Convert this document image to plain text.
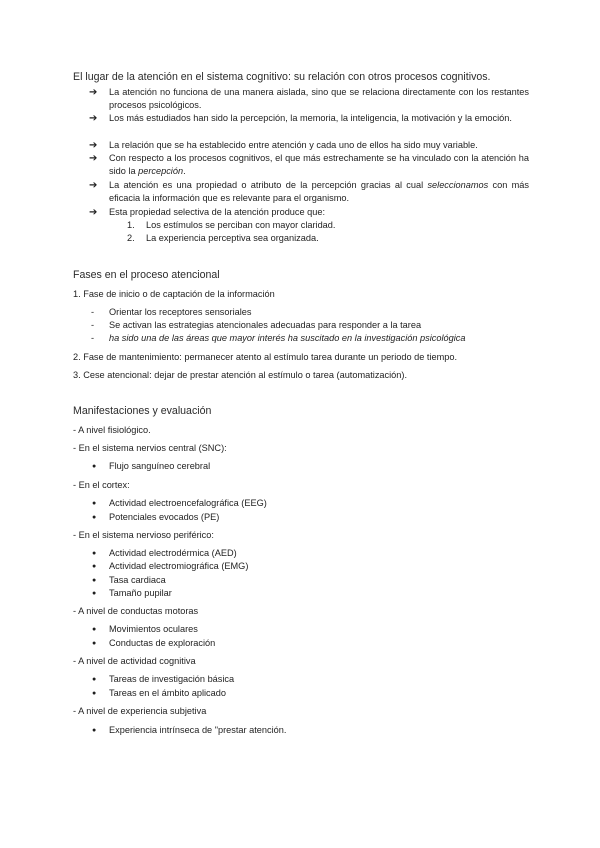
El lugar de la atención en el sistema cognitivo: su relación con otros procesos cognitivos.
➔ La atención no funciona de una manera aislada, sino que se relaciona directamente con los restantes procesos psicológicos.
➔ Los más estudiados han sido la percepción, la memoria, la inteligencia, la motivación y la emoción.
➔ La relación que se ha establecido entre atención y cada uno de ellos ha sido muy variable.
➔ Con respecto a los procesos cognitivos, el que más estrechamente se ha vinculado con la atención ha sido la percepción.
➔ La atención es una propiedad o atributo de la percepción gracias al cual seleccionamos con más eficacia la información que es relevante para el organismo.
➔ Esta propiedad selectiva de la atención produce que:
1. Los estímulos se perciban con mayor claridad.
2. La experiencia perceptiva sea organizada.
Fases en el proceso atencional
1. Fase de inicio o de captación de la información
- Orientar los receptores sensoriales
- Se activan las estrategias atencionales adecuadas para responder a la tarea
- ha sido una de las áreas que mayor interés ha suscitado en la investigación psicológica
2. Fase de mantenimiento: permanecer atento al estímulo tarea durante un periodo de tiempo.
3. Cese atencional: dejar de prestar atención al estímulo o tarea (automatización).
Manifestaciones y evaluación
- A nivel fisiológico.
- En el sistema nervios central (SNC):
● Flujo sanguíneo cerebral
- En el cortex:
● Actividad electroencefalográfica (EEG)
● Potenciales evocados (PE)
- En el sistema nervioso periférico:
● Actividad electrodérmica (AED)
● Actividad electromiográfica (EMG)
● Tasa cardiaca
● Tamaño pupilar
- A nivel de conductas motoras
● Movimientos oculares
● Conductas de exploración
- A nivel de actividad cognitiva
● Tareas de investigación básica
● Tareas en el ámbito aplicado
- A nivel de experiencia subjetiva
● Experiencia intrínseca de "prestar atención.
